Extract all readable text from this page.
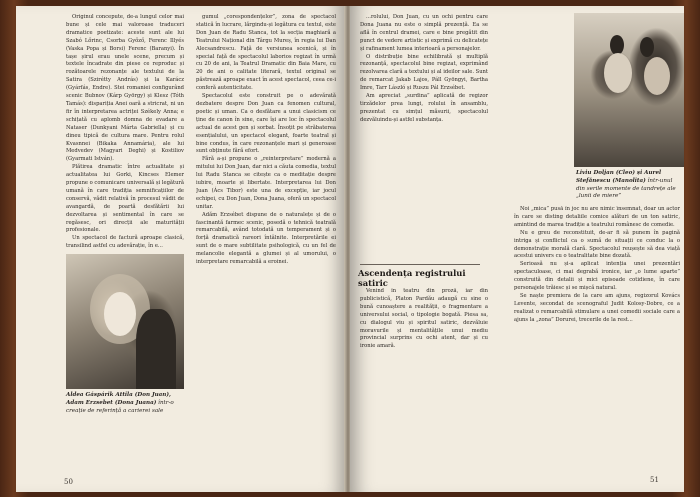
Originul concepute, de-a lungul celor mai bune și cele mai valoroase traduceri dramatice poetizate: aceste sunt ale lui Szabó Lőrinc, Csorba Győző, Ferenc Illyés (Vaska Popa și Borsi) Ferenc (Baranyi). În tașe șirul erau unele scene, precum și textele încadrate din piese ce reproduc și rozătoarele rezonanțe ale textului de la Satira (Szirétty András) și la Karácz (Gyárfás, Endre). Stei romaniei configurând scenic Bubnov (Kárp György) și Klesz (Tóth Tamás): dispariția Anei oară a stricrat, ni un fir în interpretarea actriței Székely Anna; e schițată cu aplomb domna de evadare a Nataser (Dunkyani Márta Gabriella) și cu dineu tipică de cultura mare. Pentru rolul Kvasnnei (Bikaka Annamária), ale lui Medvedev (Magyari Deghi) și Kostiliov (Gyarmati István).

Plătirea dramatic între actualitate și actualitatea lui Gorki, Kincses Elemer propune o comunicare universală și legătură umană în care tradiția semnificațiilor de conservă, vădit relativă în procesul vădit de avangardă, de poartă desfătării lui dezvoltarea și sentimental în care se regăsesc, ori direcții ale maturității profesionale.

Un spectacol de factură aproape clasică, transilind astfel cu adevărație, în e...

Aldea Gáspárik Attila (Don Juan), Adam Erzsebet (Dona Juana) într-o creație de referință a carierei sale

gumul „corespondențelor”, zona de spectacol statică în lucrare, lărgindu-și legătura cu textul, este Don Juan de Radu Stanca, tot la secția maghiară a Teatrului Național din Târgu Mureș, în regia lui Dan Alecsandrescu. Față de versiunea scenică, și în special față de spectacolul laborios regizat în urmă cu 20 de ani, la Teatrul Dramatic din Baia Mare, cu 20 de ani o calitate literară, textul original se păstrează aproape exact în acest spectacol, ceea ce-i conferă autenticitate.

Spectacolul este construit pe o adevărată dezbatere despre Don Juan ca fenomen cultural, poetic și uman. Ca o desfătare a unui clasicism ce ține de canon în sine, care își are loc în spectacolul actual de acest gen și sorbat. Însoțit pe străbaterea esențialului, un spectacol elegant, foarte teatral și bine condus, în care rezonanțele mari și generoase sunt obținute fără efort.

Fără a-și propune o „reinterpretare” modernă a mitului lui Don Juan, dar nici a căuta comedia, textul lui Radu Stanca se citește ca o meditație despre iubire, moarte și libertate. Interpretarea lui Don Juan (Ács Tibor) este una de excepție, iar jocul echipei, cu Don Juan, Dona Juana, oferă un spectacol unitar.

Adăm Erzsébet dispune de o naturalețe și de o fascinantă farmec scenic, posedă o tehnică teatrală remarcabilă, având totodată un temperament și o forță dramatică rareori întâlnite. Interpretările ei sunt de o mare subtilitate psihologică, cu un fel de melancolie elegantă a glumei și al umorului, o interpretare remarcabilă a eroinei.

50

...rolului, Don Juan, cu un ochi pentru care Dona Juana nu este o simplă prezență. Ea se află în centrul dramei, care e bine pregătit din punct de vedere artistic și exprimă cu delicatețe și rafinament lumea interioară a personajelor.

O distribuție bine echilibrată și multiplă rezonanță, spectacolul bine regizat, exprimând rezolvarea clară a textului și al ideilor sale. Sunt de remarcat Jakab Lajos, Páll Gyöngyi, Bartha Imre, Tarr László și Ruszu Pál Erzsébet.

Am apreciat „surdina” aplicată de regizor tirzădelor prea lungi, rolului în ansamblu, prezentat cu simțul măsurii, spectacolul dezvăluindu-și astfel substanța.

Ascendența registrului satiric

Venind în teatru din proză, iar din publicistică, Platon Pardău adaugă cu sine o bună cunoaștere a realității, o fragmentare a universului social, o tipologie bogată. Piesa sa, cu dialogul viu și spiritul satiric, dezvăluie moravurile și mentalitățile unui mediu provincial surprins cu ochi atent, dar și cu ironie amară.

Liviu Doljan (Cleo) și Aurel Stefănescu (Manolita) într-unul din serile momente de tandrețe ale „lunii de miere”

Noi „mica” pusă în joc nu are nimic însemnat, doar un actor în care se disting detaliile comice alături de un ton satiric, amintind de marea tradiție a teatrului românesc de comedie.

Nu e greu de reconstituit, de-ar fi să punem în pagină intriga și conflictul ca o sumă de situații ce conduc la o demonstrație morală clară. Spectacolul reușește să dea viață acestui univers cu o teatralitate bine dozată.

Serioasă nu și-a aplicat intenția unei prezentări spectaculoase, ci mai degrabă ironice, iar „o lume aparte” construită din detalii și mici episoade cotidiene, în care personajele trăiesc și se mișcă natural.

Se naște premiera de la care am ajuns, regizorul Kovács Levente, secondat de scenograful Judit Kolosy-Dobre, ce a realizat o remarcabilă stimulare a unei comedii sociale care a ajuns la „zona” Dorurei, trecerile de la rest...

51
